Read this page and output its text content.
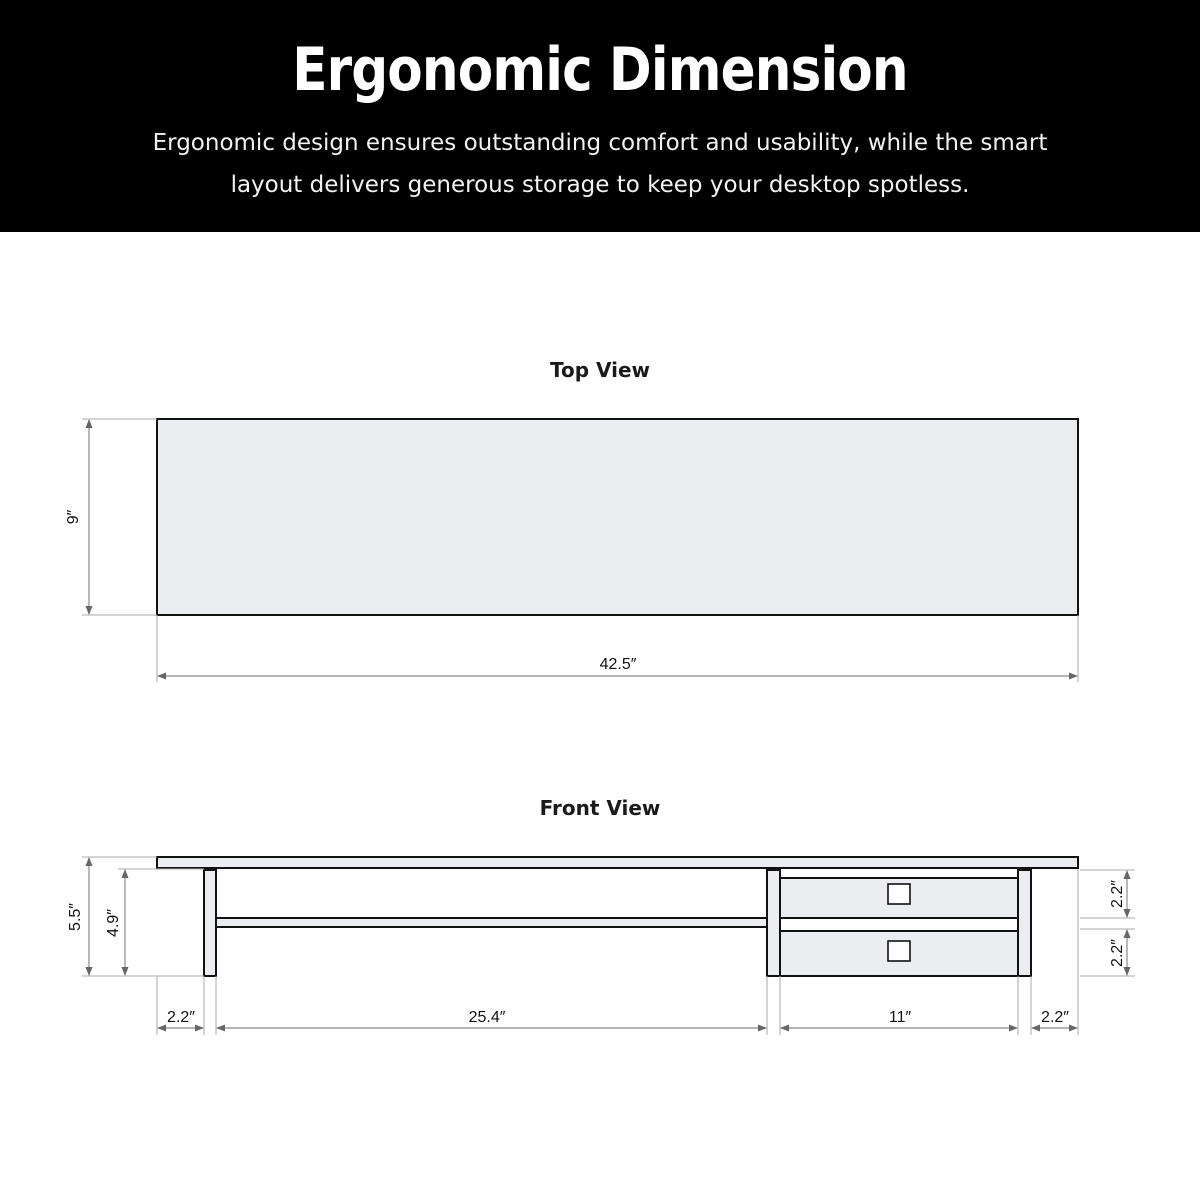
Ergonomic Dimension
Ergonomic design ensures outstanding comfort and usability, while the smart layout delivers generous storage to keep your desktop spotless.
Top View
Front View
9″
42.5″
5.5″ 4.9″
2.2″
2.2″
2.2″	25.4″	11″	2.2″
